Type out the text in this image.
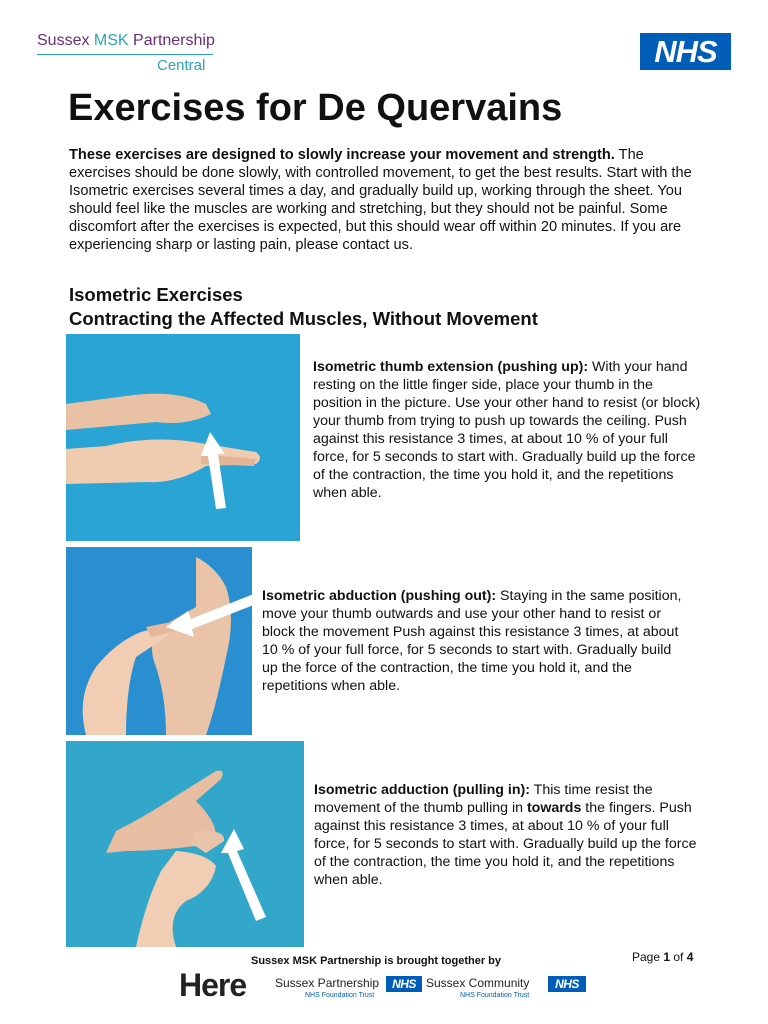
Sussex MSK Partnership
Central	NHS
Exercises for De Quervains
These exercises are designed to slowly increase your movement and strength. The exercises should be done slowly, with controlled movement, to get the best results. Start with the Isometric exercises several times a day, and gradually build up, working through the sheet. You should feel like the muscles are working and stretching, but they should not be painful. Some discomfort after the exercises is expected, but this should wear off within 20 minutes. If you are experiencing sharp or lasting pain, please contact us.
Isometric Exercises
Contracting the Affected Muscles, Without Movement
Isometric thumb extension (pushing up): With your hand resting on the little finger side, place your thumb in the position in the picture. Use your other hand to resist (or block) your thumb from trying to push up towards the ceiling. Push against this resistance 3 times, at about 10 % of your full force, for 5 seconds to start with. Gradually build up the force of the contraction, the time you hold it, and the repetitions when able.
Isometric abduction (pushing out): Staying in the same position, move your thumb outwards and use your other hand to resist or block the movement Push against this resistance 3 times, at about 10 % of your full force, for 5 seconds to start with. Gradually build up the force of the contraction, the time you hold it, and the repetitions when able.
Isometric adduction (pulling in): This time resist the movement of the thumb pulling in towards the fingers. Push against this resistance 3 times, at about 10 % of your full force, for 5 seconds to start with. Gradually build up the force of the contraction, the time you hold it, and the repetitions when able.
Sussex MSK Partnership is brought together by	Page 1 of 4
Here Sussex Partnership
NHS Foundation Trust
NHS Sussex Community
NHS Foundation Trust
NHS
